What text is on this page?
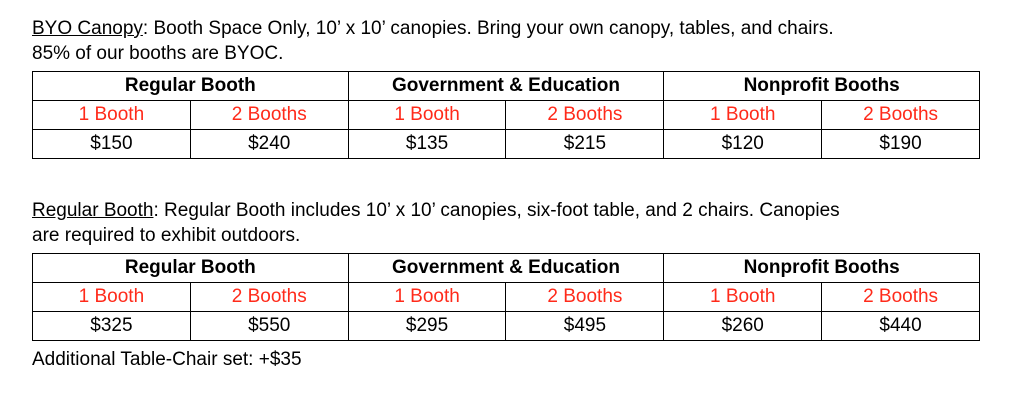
BYO Canopy: Booth Space Only, 10’ x 10’ canopies. Bring your own canopy, tables, and chairs.
85% of our booths are BYOC.
Regular Booth		Government & Education		Nonprofit Booths	
1 Booth	2 Booths	1 Booth	2 Booths	1 Booth	2 Booths
$150	$240	$135	$215	$120	$190
Regular Booth: Regular Booth includes 10’ x 10’ canopies, six-foot table, and 2 chairs. Canopies
are required to exhibit outdoors.
Regular Booth		Government & Education		Nonprofit Booths	
1 Booth	2 Booths	1 Booth	2 Booths	1 Booth	2 Booths
$325	$550	$295	$495	$260	$440
Additional Table-Chair set: +$35
